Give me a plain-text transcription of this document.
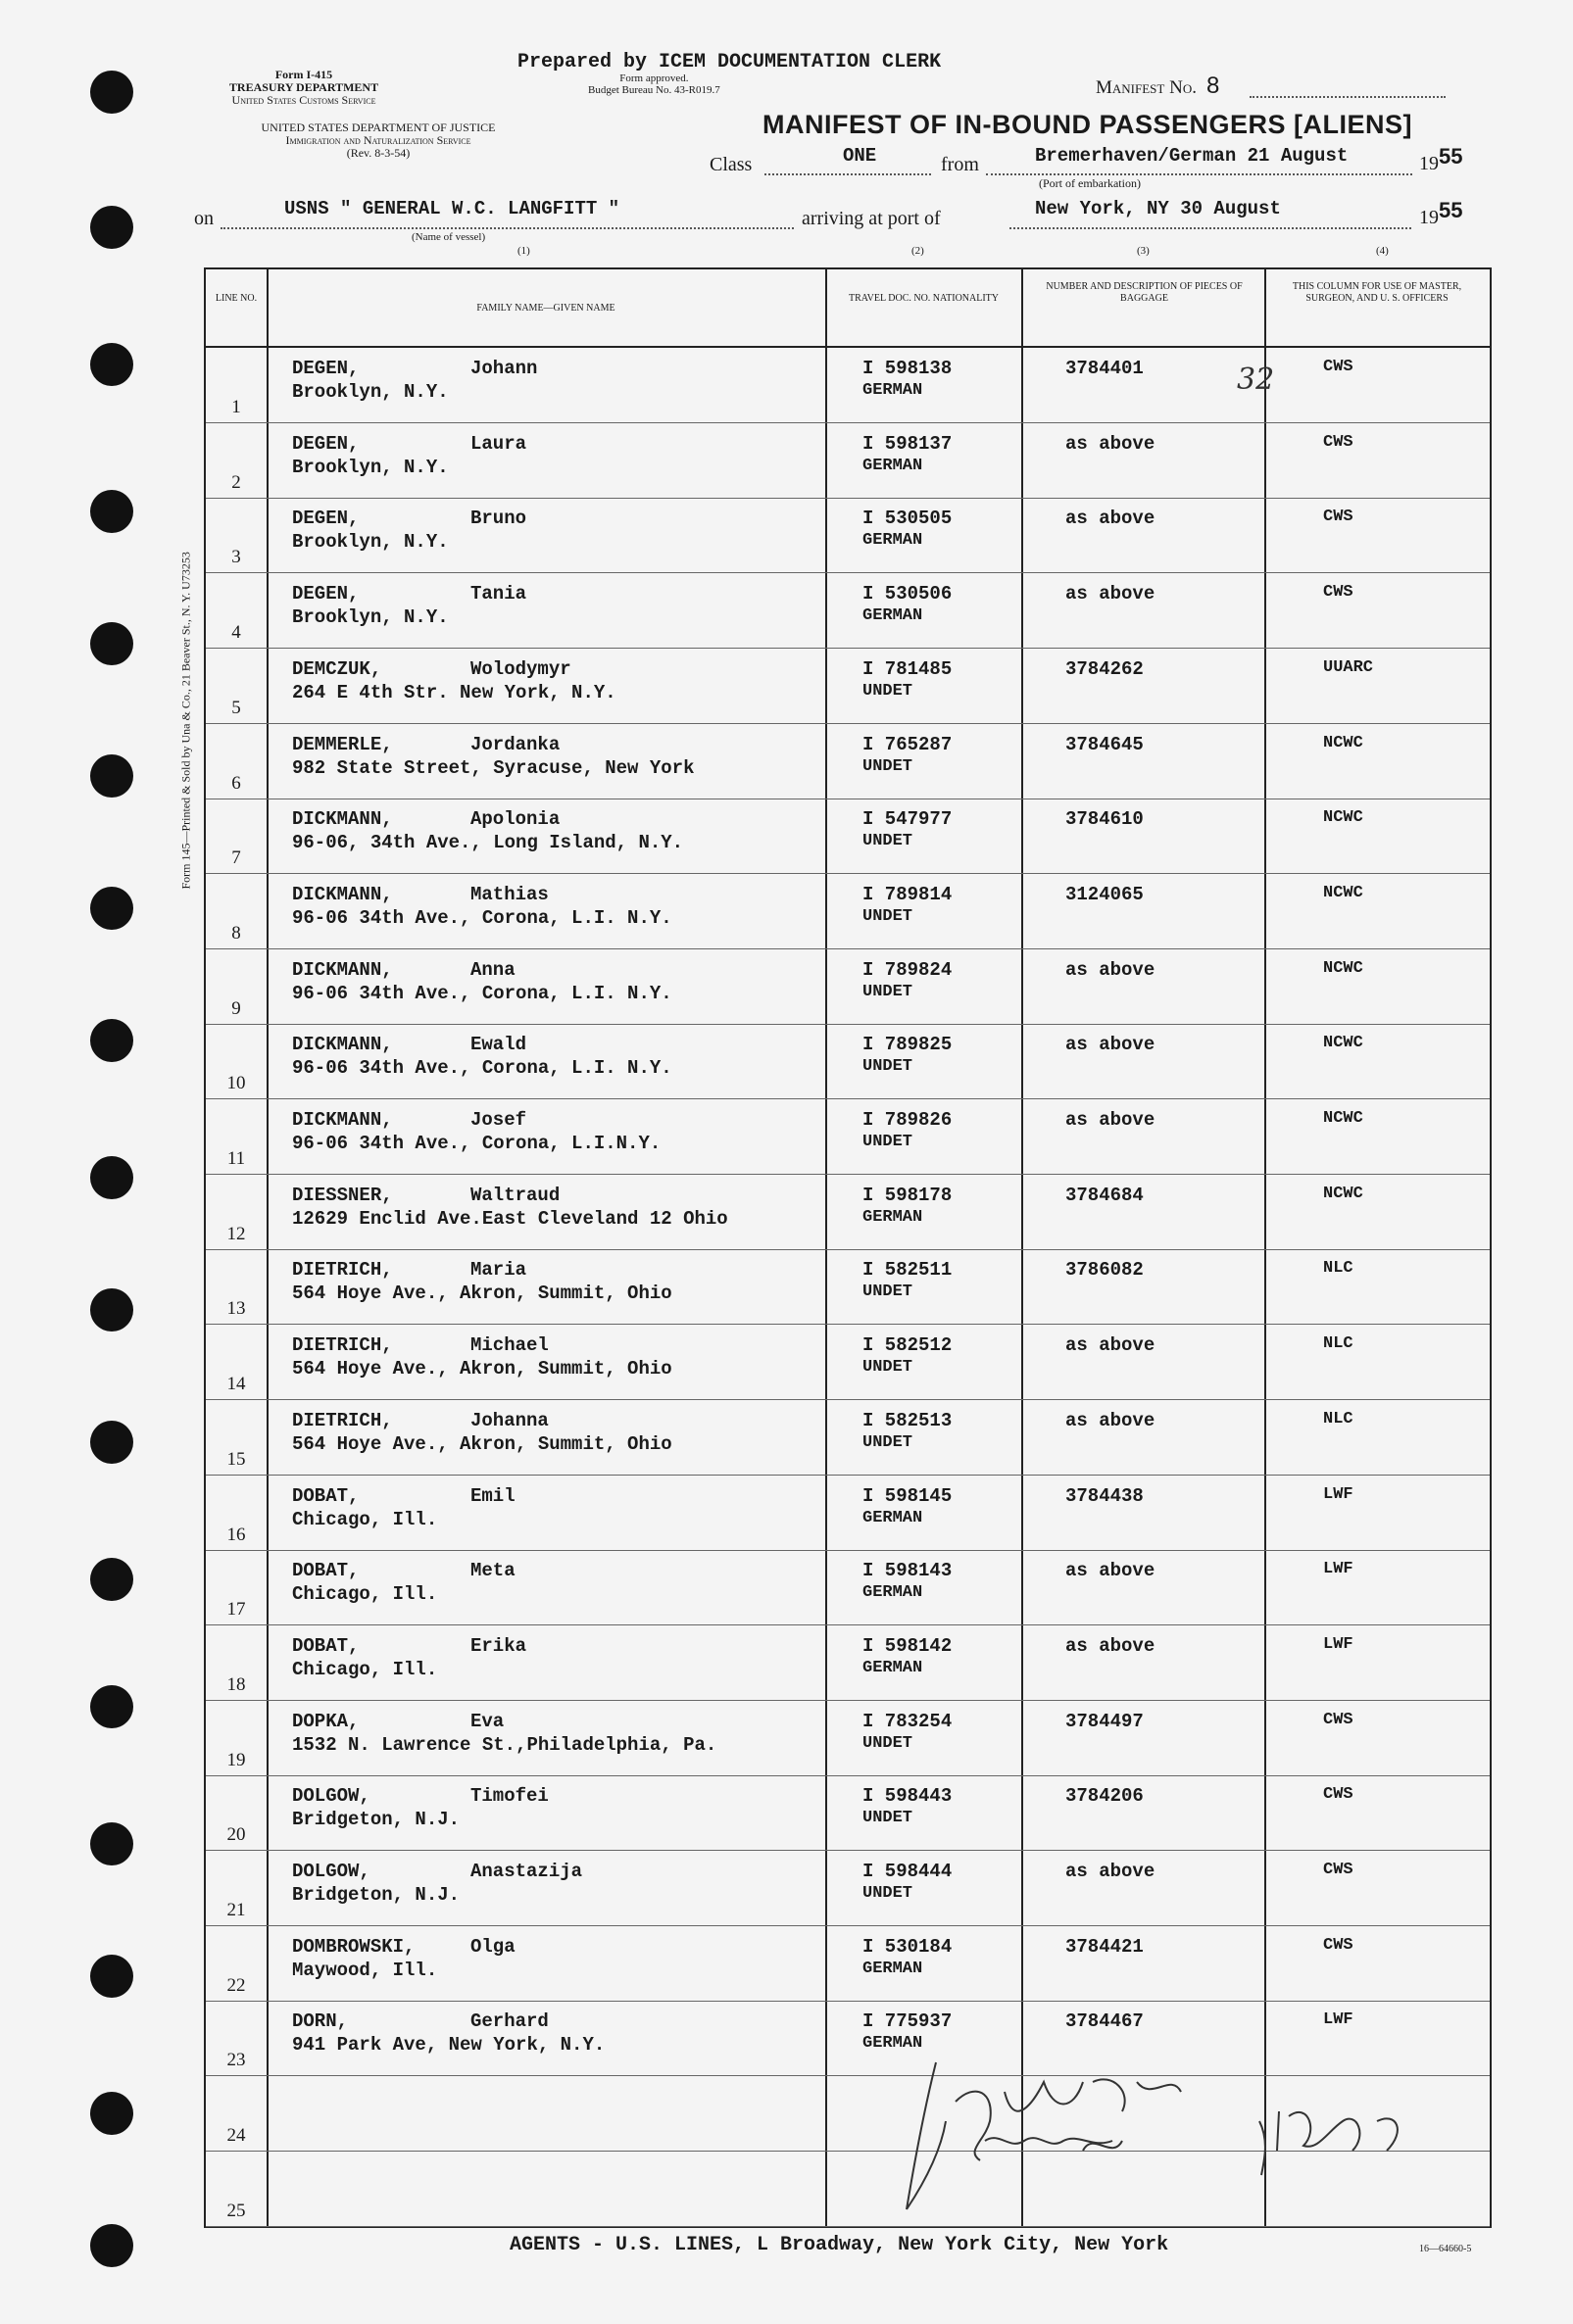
Form 145—Printed & Sold by Una & Co., 21 Beaver St., N. Y. U73253
Prepared by ICEM DOCUMENTATION CLERK
Form I-415
TREASURY DEPARTMENT
United States Customs Service
Form approved.
Budget Bureau No. 43-R019.7
UNITED STATES DEPARTMENT OF JUSTICE
Immigration and Naturalization Service
(Rev. 8-3-54)
Manifest No. 8
MANIFEST OF IN-BOUND PASSENGERS [ALIENS]
Class	ONE	from	Bremerhaven/German 21 August	1955
(Port of embarkation)
on	USNS " GENERAL W.C. LANGFITT "	arriving at port of	New York, NY 30 August	1955
(Name of vessel)
(1)	(2)	(3)	(4)
LINE NO.
FAMILY NAME—GIVEN NAME
TRAVEL DOC. NO. NATIONALITY
NUMBER AND DESCRIPTION OF PIECES OF BAGGAGE
THIS COLUMN FOR USE OF MASTER, SURGEON, AND U. S. OFFICERS
1
DEGEN,	Johann
Brooklyn, N.Y.
I 598138
GERMAN
3784401	CWS
2
DEGEN,	Laura
Brooklyn, N.Y.
I 598137
GERMAN
as above	CWS
3
DEGEN,	Bruno
Brooklyn, N.Y.
I 530505
GERMAN
as above	CWS
4
DEGEN,	Tania
Brooklyn, N.Y.
I 530506
GERMAN
as above	CWS
5
DEMCZUK,	Wolodymyr
264 E 4th Str. New York, N.Y.
I 781485
UNDET
3784262	UUARC
6
DEMMERLE,	Jordanka
982 State Street, Syracuse, New York
I 765287
UNDET
3784645	NCWC
7
DICKMANN,	Apolonia
96-06, 34th Ave., Long Island, N.Y.
I 547977
UNDET
3784610	NCWC
8
DICKMANN,	Mathias
96-06 34th Ave., Corona, L.I. N.Y.
I 789814
UNDET
3124065	NCWC
9
DICKMANN,	Anna
96-06 34th Ave., Corona, L.I. N.Y.
I 789824
UNDET
as above	NCWC
10
DICKMANN,	Ewald
96-06 34th Ave., Corona, L.I. N.Y.
I 789825
UNDET
as above	NCWC
11
DICKMANN,	Josef
96-06 34th Ave., Corona, L.I.N.Y.
I 789826
UNDET
as above	NCWC
12
DIESSNER,	Waltraud
12629 Enclid Ave.East Cleveland 12 Ohio
I 598178
GERMAN
3784684	NCWC
13
DIETRICH,	Maria
564 Hoye Ave., Akron, Summit, Ohio
I 582511
UNDET
3786082	NLC
14
DIETRICH,	Michael
564 Hoye Ave., Akron, Summit, Ohio
I 582512
UNDET
as above	NLC
15
DIETRICH,	Johanna
564 Hoye Ave., Akron, Summit, Ohio
I 582513
UNDET
as above	NLC
16
DOBAT,	Emil
Chicago, Ill.
I 598145
GERMAN
3784438	LWF
17
DOBAT,	Meta
Chicago, Ill.
I 598143
GERMAN
as above	LWF
18
DOBAT,	Erika
Chicago, Ill.
I 598142
GERMAN
as above	LWF
19
DOPKA,	Eva
1532 N. Lawrence St.,Philadelphia, Pa.
I 783254
UNDET
3784497	CWS
20
DOLGOW,	Timofei
Bridgeton, N.J.
I 598443
UNDET
3784206	CWS
21
DOLGOW,	Anastazija
Bridgeton, N.J.
I 598444
UNDET
as above	CWS
22
DOMBROWSKI,	Olga
Maywood, Ill.
I 530184
GERMAN
3784421	CWS
23
DORN,	Gerhard
941 Park Ave, New York, N.Y.
I 775937
GERMAN
3784467	LWF
24
25
32
AGENTS - U.S. LINES, L Broadway, New York City, New York	16—64660-5
